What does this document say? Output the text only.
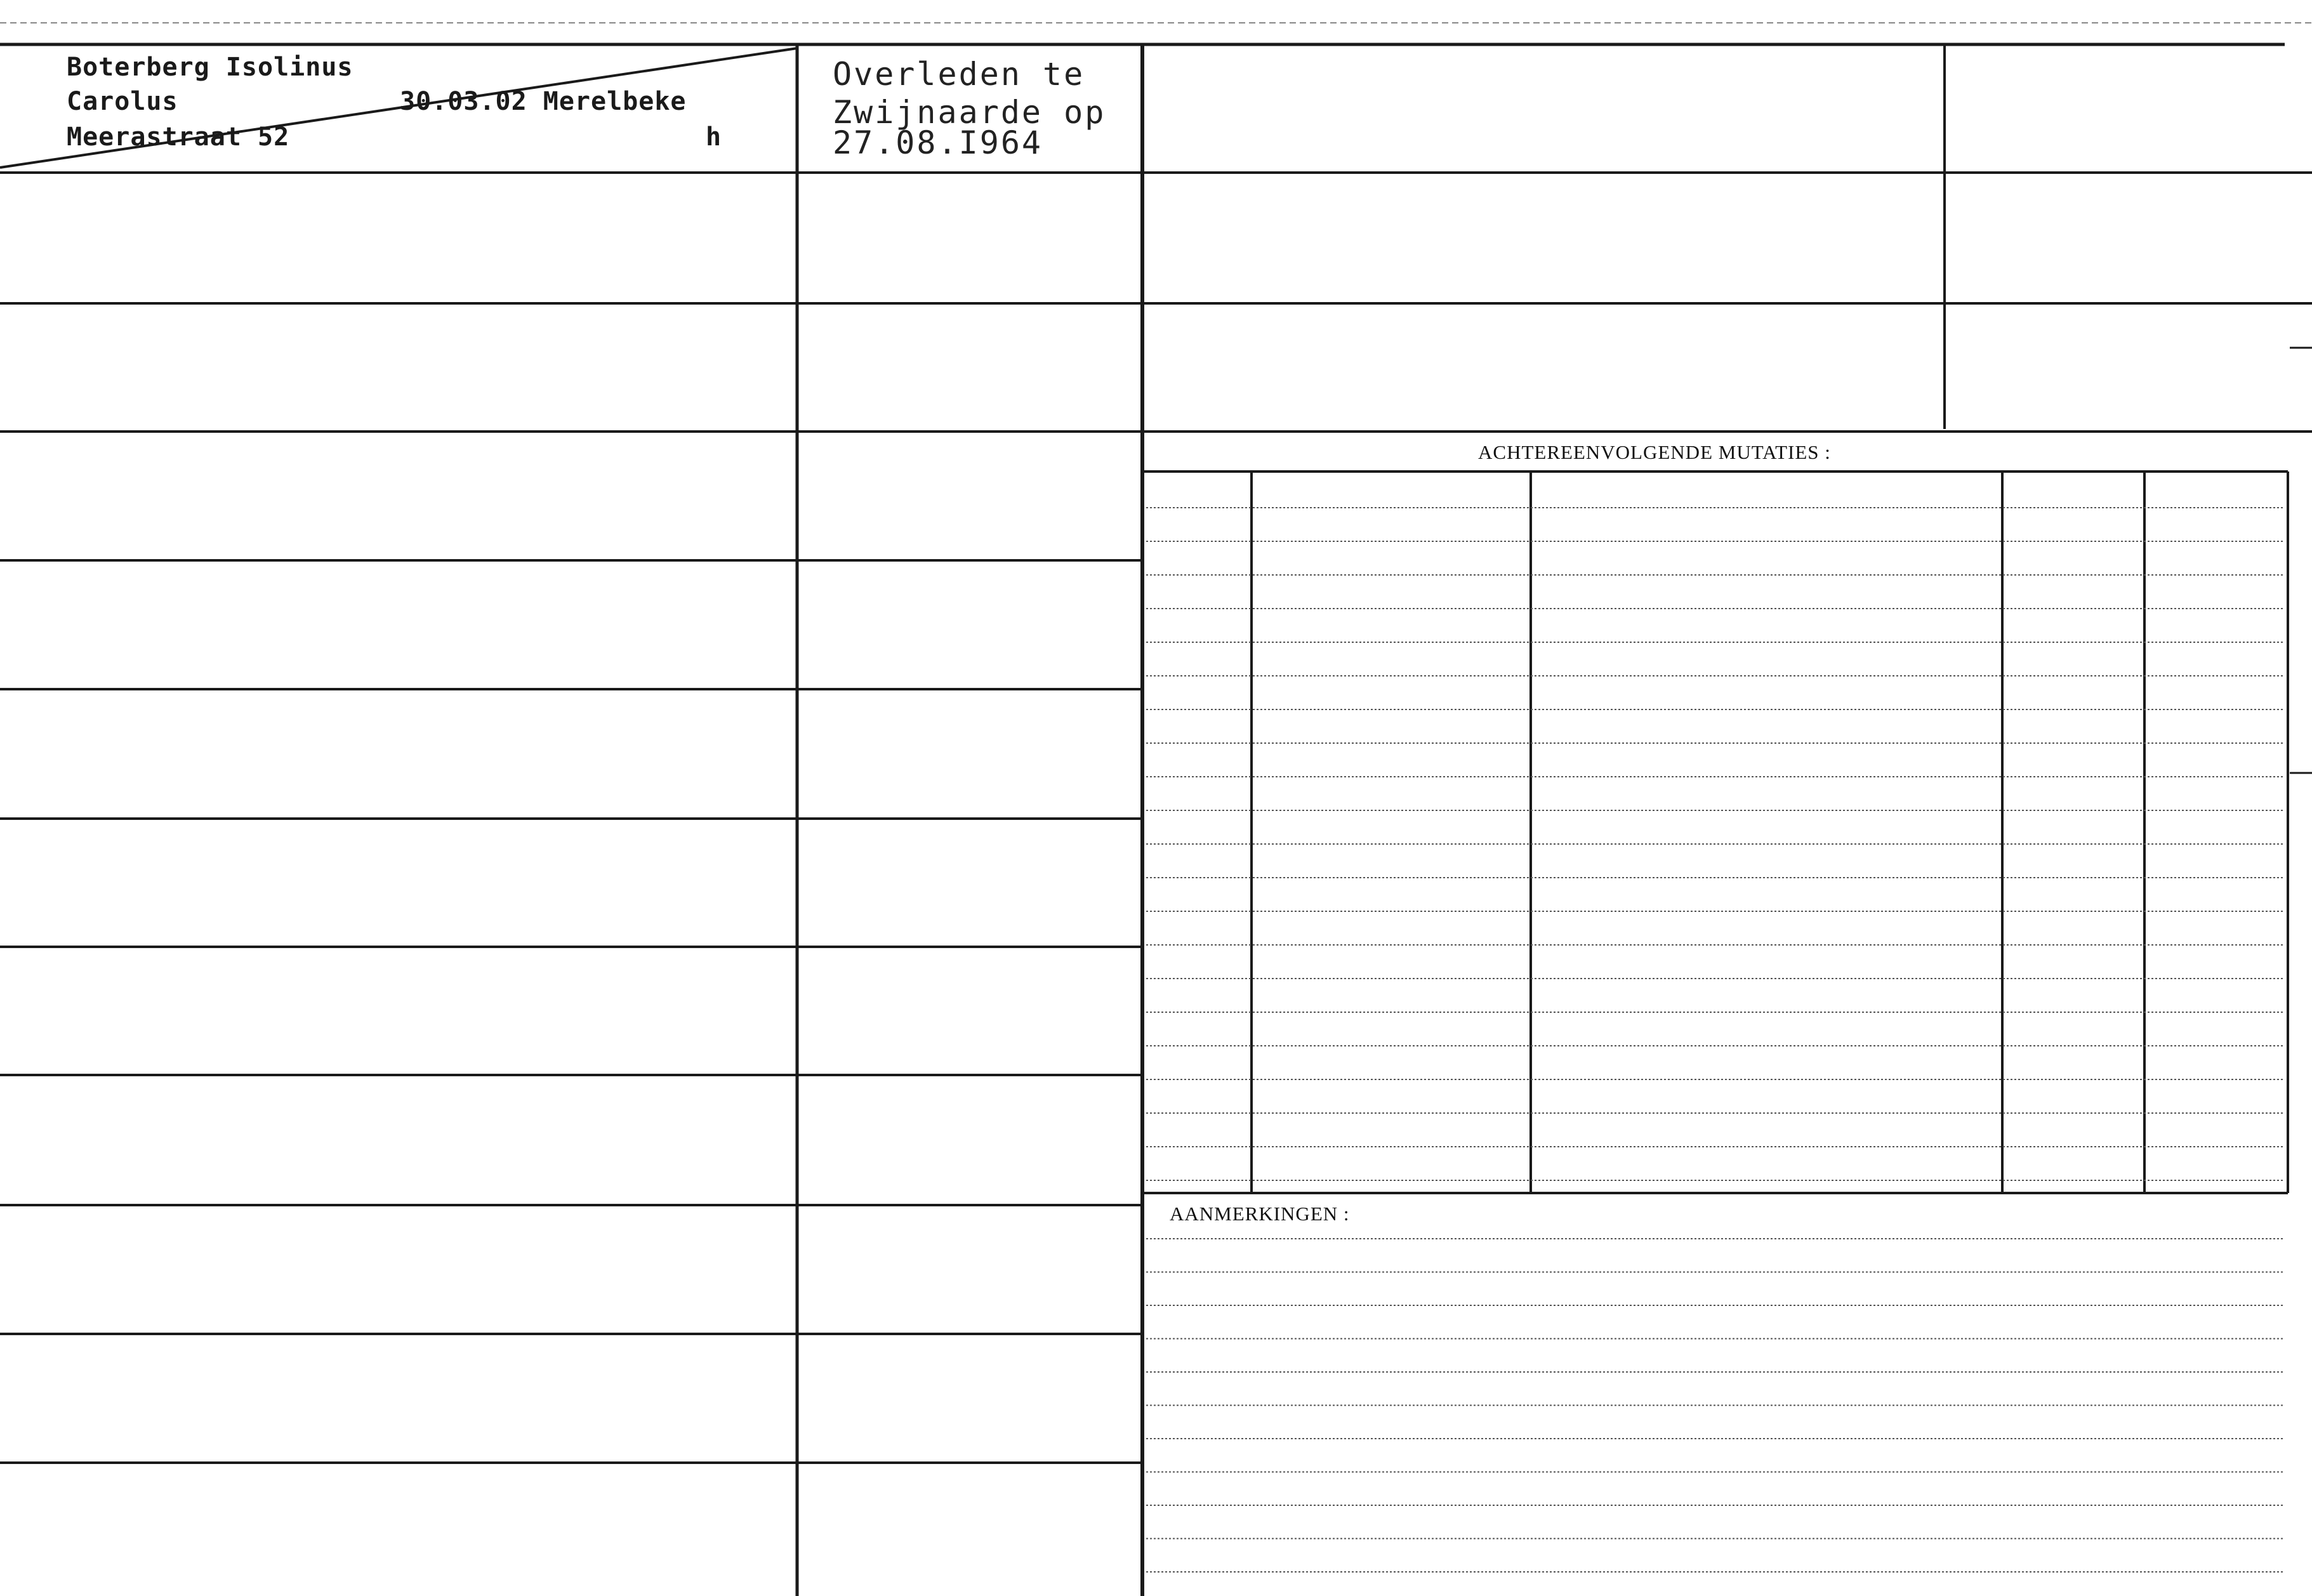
Boterberg Isolinus
Carolus	30.03.02 Merelbeke
Meerastraat 52	h
Overleden te
Zwijnaarde op
27.08.I964
ACHTEREENVOLGENDE MUTATIES :
AANMERKINGEN :
